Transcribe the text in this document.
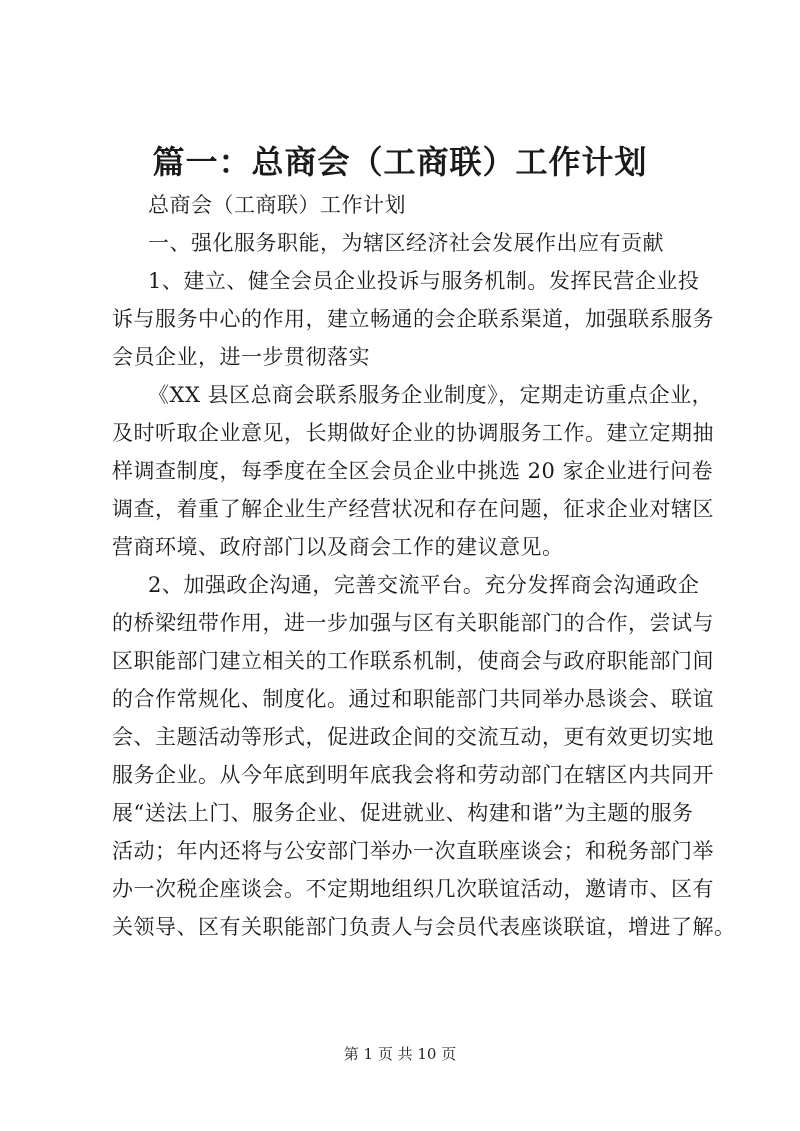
篇一：总商会（工商联）工作计划
总商会（工商联）工作计划
一、强化服务职能，为辖区经济社会发展作出应有贡献
1、建立、健全会员企业投诉与服务机制。发挥民营企业投
诉与服务中心的作用，建立畅通的会企联系渠道，加强联系服务
会员企业，进一步贯彻落实
《XX 县区总商会联系服务企业制度》，定期走访重点企业，
及时听取企业意见，长期做好企业的协调服务工作。建立定期抽
样调查制度，每季度在全区会员企业中挑选 20 家企业进行问卷
调查，着重了解企业生产经营状况和存在问题，征求企业对辖区
营商环境、政府部门以及商会工作的建议意见。
2、加强政企沟通，完善交流平台。充分发挥商会沟通政企
的桥梁纽带作用，进一步加强与区有关职能部门的合作，尝试与
区职能部门建立相关的工作联系机制，使商会与政府职能部门间
的合作常规化、制度化。通过和职能部门共同举办恳谈会、联谊
会、主题活动等形式，促进政企间的交流互动，更有效更切实地
服务企业。从今年底到明年底我会将和劳动部门在辖区内共同开
展“送法上门、服务企业、促进就业、构建和谐”为主题的服务
活动；年内还将与公安部门举办一次直联座谈会；和税务部门举
办一次税企座谈会。不定期地组织几次联谊活动，邀请市、区有
关领导、区有关职能部门负责人与会员代表座谈联谊，增进了解。
第 1 页 共 10 页
